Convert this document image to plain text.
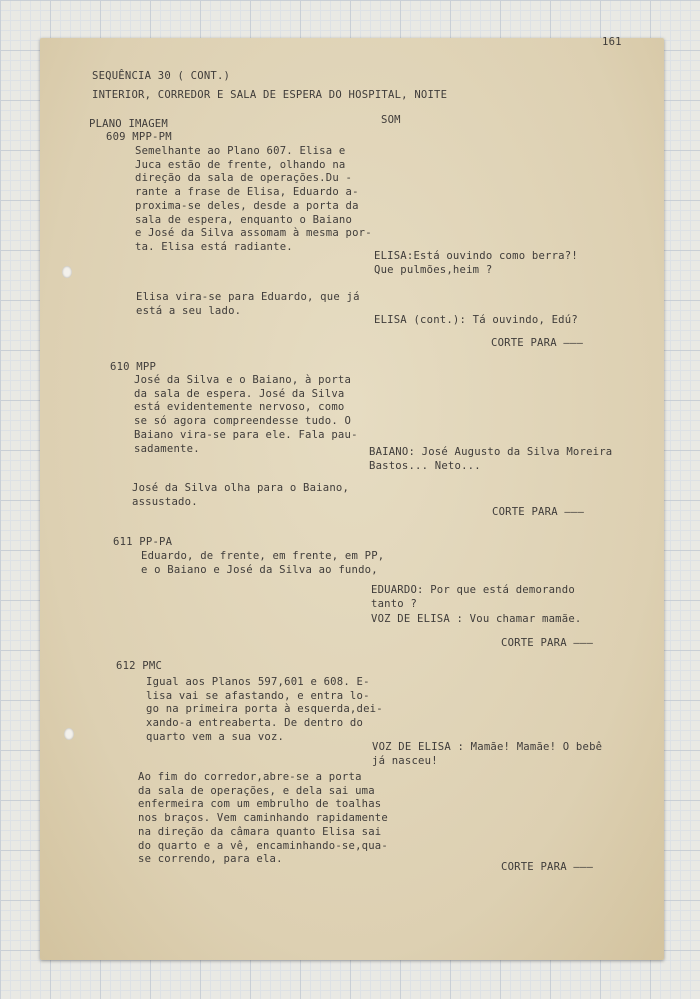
161
SEQUÊNCIA 30 ( CONT.)
INTERIOR, CORREDOR E SALA DE ESPERA DO HOSPITAL, NOITE
PLANO IMAGEM	SOM
609 MPP-PM
Semelhante ao Plano 607. Elisa e
Juca estão de frente, olhando na
direção da sala de operações.Du -
rante a frase de Elisa, Eduardo a-
proxima-se deles, desde a porta da
sala de espera, enquanto o Baiano
e José da Silva assomam à mesma por-
ta. Elisa está radiante.
ELISA:Está ouvindo como berra?!
Que pulmões,heim ?
Elisa vira-se para Eduardo, que já
está a seu lado.
ELISA (cont.): Tá ouvindo, Edú?
CORTE PARA ———
610 MPP
José da Silva e o Baiano, à porta
da sala de espera. José da Silva
está evidentemente nervoso, como
se só agora compreendesse tudo. O
Baiano vira-se para ele. Fala pau-
sadamente.	BAIANO: José Augusto da Silva Moreira
Bastos... Neto...
José da Silva olha para o Baiano,
assustado.
CORTE PARA ———
611 PP-PA
Eduardo, de frente, em frente, em PP,
e o Baiano e José da Silva ao fundo,
EDUARDO: Por que está demorando
tanto ?
VOZ DE ELISA : Vou chamar mamãe.
CORTE PARA ———
612 PMC
Igual aos Planos 597,601 e 608. E-
lisa vai se afastando, e entra lo-
go na primeira porta à esquerda,dei-
xando-a entreaberta. De dentro do
quarto vem a sua voz.
VOZ DE ELISA : Mamãe! Mamãe! O bebê
já nasceu!
Ao fim do corredor,abre-se a porta
da sala de operações, e dela sai uma
enfermeira com um embrulho de toalhas
nos braços. Vem caminhando rapidamente
na direção da câmara quanto Elisa sai
do quarto e a vê, encaminhando-se,qua-
se correndo, para ela.
CORTE PARA ———
